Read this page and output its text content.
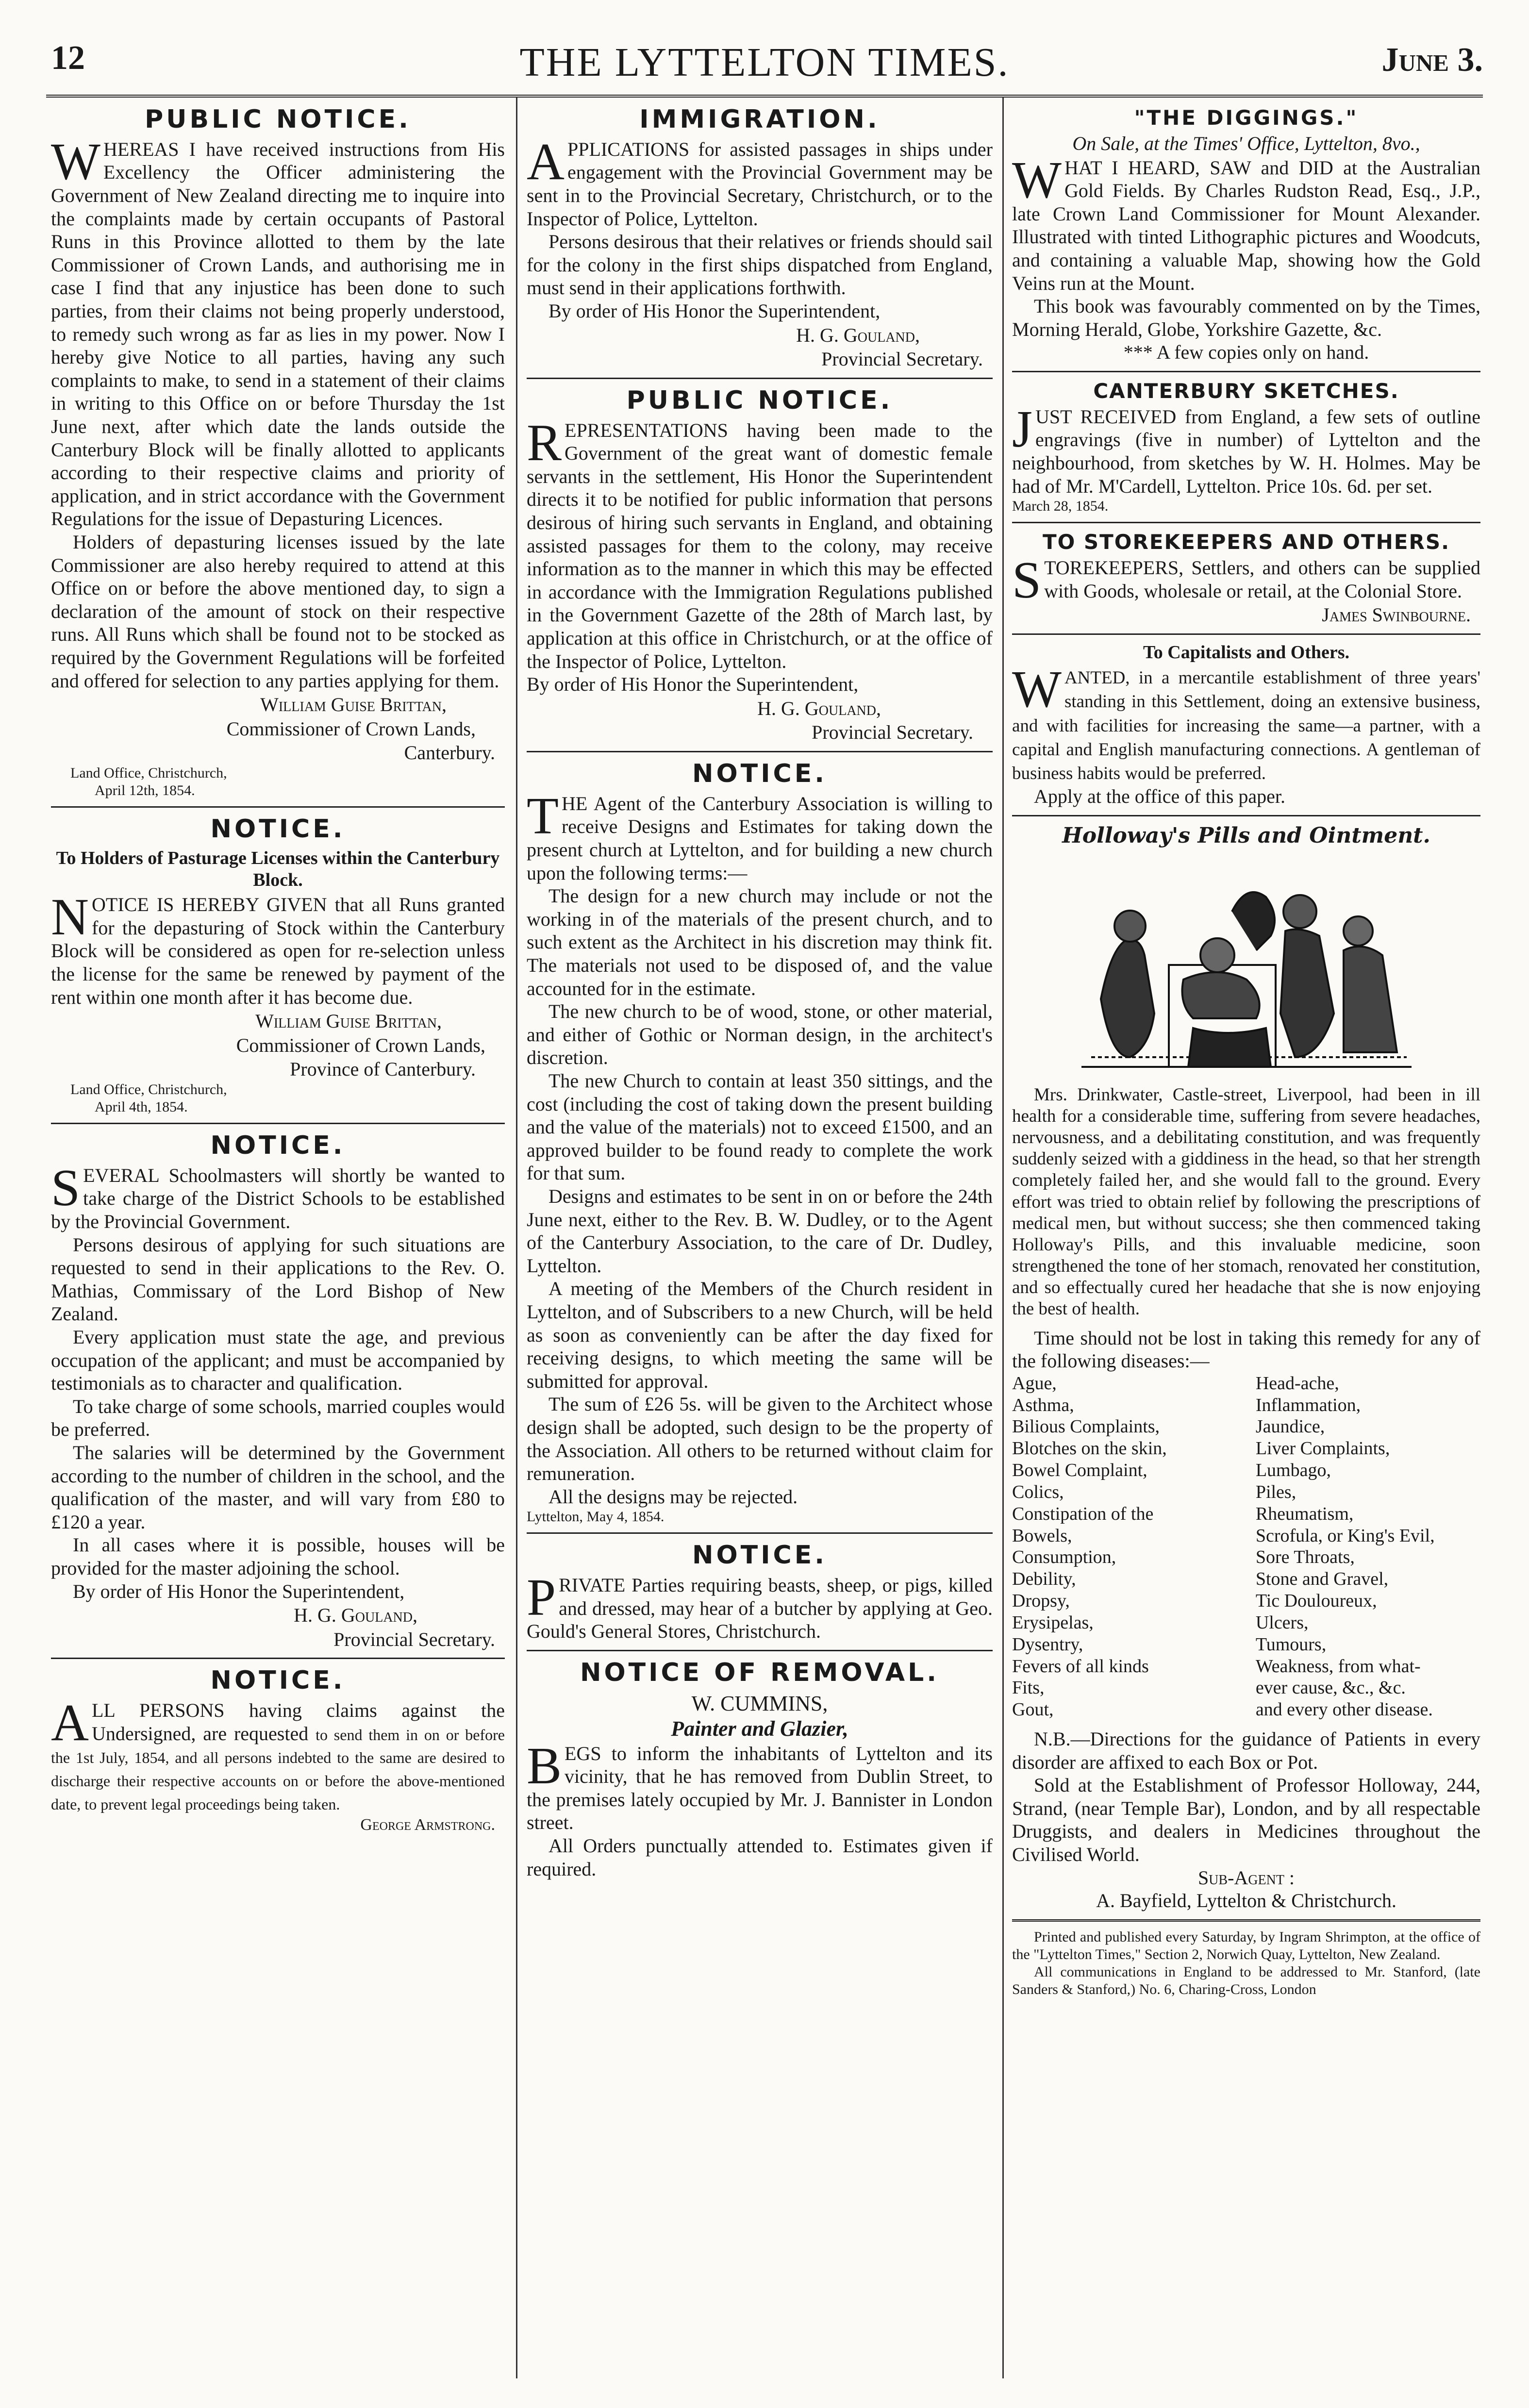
12	THE LYTTELTON TIMES.	June 3.
PUBLIC NOTICE.

WHEREAS I have received instructions from His Excellency the Officer administering the Government of New Zealand directing me to inquire into the complaints made by certain occupants of Pastoral Runs in this Province allotted to them by the late Commissioner of Crown Lands, and authorising me in case I find that any injustice has been done to such parties, from their claims not being properly understood, to remedy such wrong as far as lies in my power. Now I hereby give Notice to all parties, having any such complaints to make, to send in a statement of their claims in writing to this Office on or before Thursday the 1st June next, after which date the lands outside the Canterbury Block will be finally allotted to applicants according to their respective claims and priority of application, and in strict accordance with the Government Regulations for the issue of Depasturing Licences.

Holders of depasturing licenses issued by the late Commissioner are also hereby required to attend at this Office on or before the above mentioned day, to sign a declaration of the amount of stock on their respective runs. All Runs which shall be found not to be stocked as required by the Government Regulations will be forfeited and offered for selection to any parties applying for them.

William Guise Brittan,

Commissioner of Crown Lands,

Canterbury.

Land Office, Christchurch,

April 12th, 1854.

NOTICE.
To Holders of Pasturage Licenses within the Canterbury Block.

NOTICE IS HEREBY GIVEN that all Runs granted for the depasturing of Stock within the Canterbury Block will be considered as open for re-selection unless the license for the same be renewed by payment of the rent within one month after it has become due.

William Guise Brittan,

Commissioner of Crown Lands,

Province of Canterbury.

Land Office, Christchurch,

April 4th, 1854.

NOTICE.

SEVERAL Schoolmasters will shortly be wanted to take charge of the District Schools to be established by the Provincial Government.

Persons desirous of applying for such situations are requested to send in their applications to the Rev. O. Mathias, Commissary of the Lord Bishop of New Zealand.

Every application must state the age, and previous occupation of the applicant; and must be accompanied by testimonials as to character and qualification.

To take charge of some schools, married couples would be preferred.

The salaries will be determined by the Government according to the number of children in the school, and the qualification of the master, and will vary from £80 to £120 a year.

In all cases where it is possible, houses will be provided for the master adjoining the school.

By order of His Honor the Superintendent,

H. G. Gouland,

Provincial Secretary.

NOTICE.

ALL PERSONS having claims against the Undersigned, are requested to send them in on or before the 1st July, 1854, and all persons indebted to the same are desired to discharge their respective accounts on or before the above-mentioned date, to prevent legal proceedings being taken.

George Armstrong.

IMMIGRATION.

APPLICATIONS for assisted passages in ships under engagement with the Provincial Government may be sent in to the Provincial Secretary, Christchurch, or to the Inspector of Police, Lyttelton.

Persons desirous that their relatives or friends should sail for the colony in the first ships dispatched from England, must send in their applications forthwith.

By order of His Honor the Superintendent,

H. G. Gouland,

Provincial Secretary.

PUBLIC NOTICE.

REPRESENTATIONS having been made to the Government of the great want of domestic female servants in the settlement, His Honor the Superintendent directs it to be notified for public information that persons desirous of hiring such servants in England, and obtaining assisted passages for them to the colony, may receive information as to the manner in which this may be effected in accordance with the Immigration Regulations published in the Government Gazette of the 28th of March last, by application at this office in Christchurch, or at the office of the Inspector of Police, Lyttelton.

By order of His Honor the Superintendent,

H. G. Gouland,

Provincial Secretary.

NOTICE.

THE Agent of the Canterbury Association is willing to receive Designs and Estimates for taking down the present church at Lyttelton, and for building a new church upon the following terms:—

The design for a new church may include or not the working in of the materials of the present church, and to such extent as the Architect in his discretion may think fit. The materials not used to be disposed of, and the value accounted for in the estimate.

The new church to be of wood, stone, or other material, and either of Gothic or Norman design, in the architect's discretion.

The new Church to contain at least 350 sittings, and the cost (including the cost of taking down the present building and the value of the materials) not to exceed £1500, and an approved builder to be found ready to complete the work for that sum.

Designs and estimates to be sent in on or before the 24th June next, either to the Rev. B. W. Dudley, or to the Agent of the Canterbury Association, to the care of Dr. Dudley, Lyttelton.

A meeting of the Members of the Church resident in Lyttelton, and of Subscribers to a new Church, will be held as soon as conveniently can be after the day fixed for receiving designs, to which meeting the same will be submitted for approval.

The sum of £26 5s. will be given to the Architect whose design shall be adopted, such design to be the property of the Association. All others to be returned without claim for remuneration.

All the designs may be rejected.

Lyttelton, May 4, 1854.

NOTICE.

PRIVATE Parties requiring beasts, sheep, or pigs, killed and dressed, may hear of a butcher by applying at Geo. Gould's General Stores, Christchurch.

NOTICE OF REMOVAL.

W. CUMMINS,

Painter and Glazier,

BEGS to inform the inhabitants of Lyttelton and its vicinity, that he has removed from Dublin Street, to the premises lately occupied by Mr. J. Bannister in London street.

All Orders punctually attended to. Estimates given if required.

"THE DIGGINGS."

On Sale, at the Times' Office, Lyttelton, 8vo.,

WHAT I HEARD, SAW and DID at the Australian Gold Fields. By Charles Rudston Read, Esq., J.P., late Crown Land Commissioner for Mount Alexander. Illustrated with tinted Lithographic pictures and Woodcuts, and containing a valuable Map, showing how the Gold Veins run at the Mount.

This book was favourably commented on by the Times, Morning Herald, Globe, Yorkshire Gazette, &c.

*** A few copies only on hand.

CANTERBURY SKETCHES.

JUST RECEIVED from England, a few sets of outline engravings (five in number) of Lyttelton and the neighbourhood, from sketches by W. H. Holmes. May be had of Mr. M'Cardell, Lyttelton. Price 10s. 6d. per set.

March 28, 1854.

TO STOREKEEPERS AND OTHERS.

STOREKEEPERS, Settlers, and others can be supplied with Goods, wholesale or retail, at the Colonial Store.

James Swinbourne.

To Capitalists and Others.

WANTED, in a mercantile establishment of three years' standing in this Settlement, doing an extensive business, and with facilities for increasing the same—a partner, with a capital and English manufacturing connections. A gentleman of business habits would be preferred.

Apply at the office of this paper.

Holloway's Pills and Ointment.

Mrs. Drinkwater, Castle-street, Liverpool, had been in ill health for a considerable time, suffering from severe headaches, nervousness, and a debilitating constitution, and was frequently suddenly seized with a giddiness in the head, so that her strength completely failed her, and she would fall to the ground. Every effort was tried to obtain relief by following the prescriptions of medical men, but without success; she then commenced taking Holloway's Pills, and this invaluable medicine, soon strengthened the tone of her stomach, renovated her constitution, and so effectually cured her headache that she is now enjoying the best of health.

Time should not be lost in taking this remedy for any of the following diseases:—

Ague,
Asthma,
Bilious Complaints,
Blotches on the skin,
Bowel Complaint,
Colics,
Constipation of the
Bowels,
Consumption,
Debility,
Dropsy,
Erysipelas,
Dysentry,
Fevers of all kinds
Fits,
Gout,
Head-ache,
Inflammation,
Jaundice,
Liver Complaints,
Lumbago,
Piles,
Rheumatism,
Scrofula, or King's Evil,
Sore Throats,
Stone and Gravel,
Tic Douloureux,
Ulcers,
Tumours,
Weakness, from what-
ever cause, &c., &c.
and every other disease.

N.B.—Directions for the guidance of Patients in every disorder are affixed to each Box or Pot.

Sold at the Establishment of Professor Holloway, 244, Strand, (near Temple Bar), London, and by all respectable Druggists, and dealers in Medicines throughout the Civilised World.

Sub-Agent :

A. Bayfield, Lyttelton & Christchurch.

Printed and published every Saturday, by Ingram Shrimpton, at the office of the "Lyttelton Times," Section 2, Norwich Quay, Lyttelton, New Zealand.

All communications in England to be addressed to Mr. Stanford, (late Sanders & Stanford,) No. 6, Charing-Cross, London
